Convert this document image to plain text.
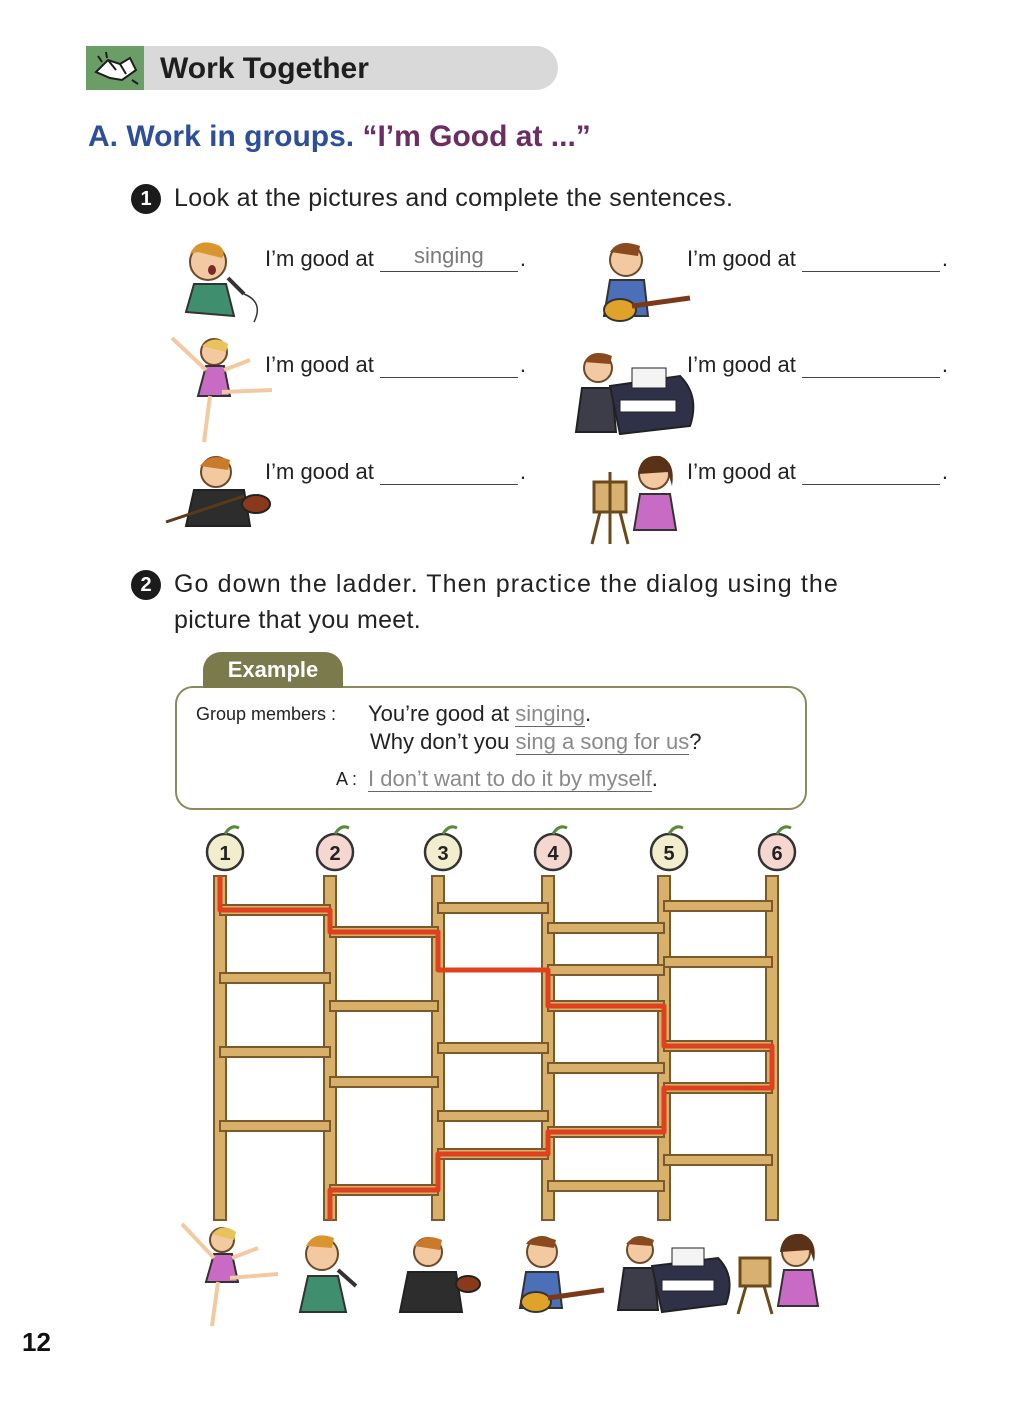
Work Together
A. Work in groups. “I’m Good at ...”
1 Look at the pictures and complete the sentences.
I’m good at	singing	.	I’m good at	.
I’m good at	.	I’m good at	.
I’m good at	.	I’m good at	.
2 Go down the ladder. Then practice the dialog using the
picture that you meet.
Example
Group members : You’re good at singing.
Why don’t you sing a song for us?
A : I don’t want to do it by myself.
1	2	3	4	5	6
12
